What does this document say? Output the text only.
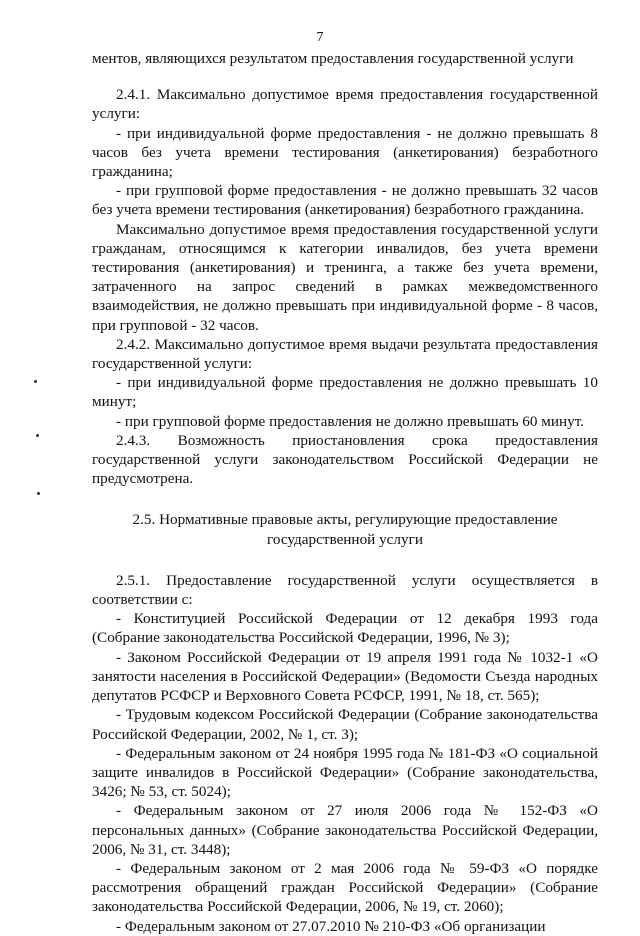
7

ментов, являющихся результатом предоставления государственной услуги

2.4.1. Максимально допустимое время предоставления государственной услуги:

- при индивидуальной форме предоставления - не должно превышать 8 часов без учета времени тестирования (анкетирования) безработного гражданина;

- при групповой форме предоставления - не должно превышать 32 часов без учета времени тестирования (анкетирования) безработного гражданина.

Максимально допустимое время предоставления государственной услуги гражданам, относящимся к категории инвалидов, без учета времени тестирования (анкетирования) и тренинга, а также без учета времени, затраченного на запрос сведений в рамках межведомственного взаимодействия, не должно превышать при индивидуальной форме - 8 часов, при групповой - 32 часов.

2.4.2. Максимально допустимое время выдачи результата предоставления государственной услуги:

- при индивидуальной форме предоставления не должно превышать 10 минут;

- при групповой форме предоставления не должно превышать 60 минут.

2.4.3. Возможность приостановления срока предоставления государственной услуги законодательством Российской Федерации не предусмотрена.

2.5. Нормативные правовые акты, регулирующие предоставление государственной услуги

2.5.1. Предоставление государственной услуги осуществляется в соответствии с:

- Конституцией Российской Федерации от 12 декабря 1993 года (Собрание законодательства Российской Федерации, 1996, № 3);

- Законом Российской Федерации от 19 апреля 1991 года № 1032-1 «О занятости населения в Российской Федерации» (Ведомости Съезда народных депутатов РСФСР и Верховного Совета РСФСР, 1991, № 18, ст. 565);

- Трудовым кодексом Российской Федерации (Собрание законодательства Российской Федерации, 2002, № 1, ст. 3);

- Федеральным законом от 24 ноября 1995 года № 181-ФЗ «О социальной защите инвалидов в Российской Федерации» (Собрание законодательства, 3426; № 53, ст. 5024);

- Федеральным законом от 27 июля 2006 года № 152-ФЗ «О персональных данных» (Собрание законодательства Российской Федерации, 2006, № 31, ст. 3448);

- Федеральным законом от 2 мая 2006 года № 59-ФЗ «О порядке рассмотрения обращений граждан Российской Федерации» (Собрание законодательства Российской Федерации, 2006, № 19, ст. 2060);

- Федеральным законом от 27.07.2010 № 210-ФЗ «Об организации
